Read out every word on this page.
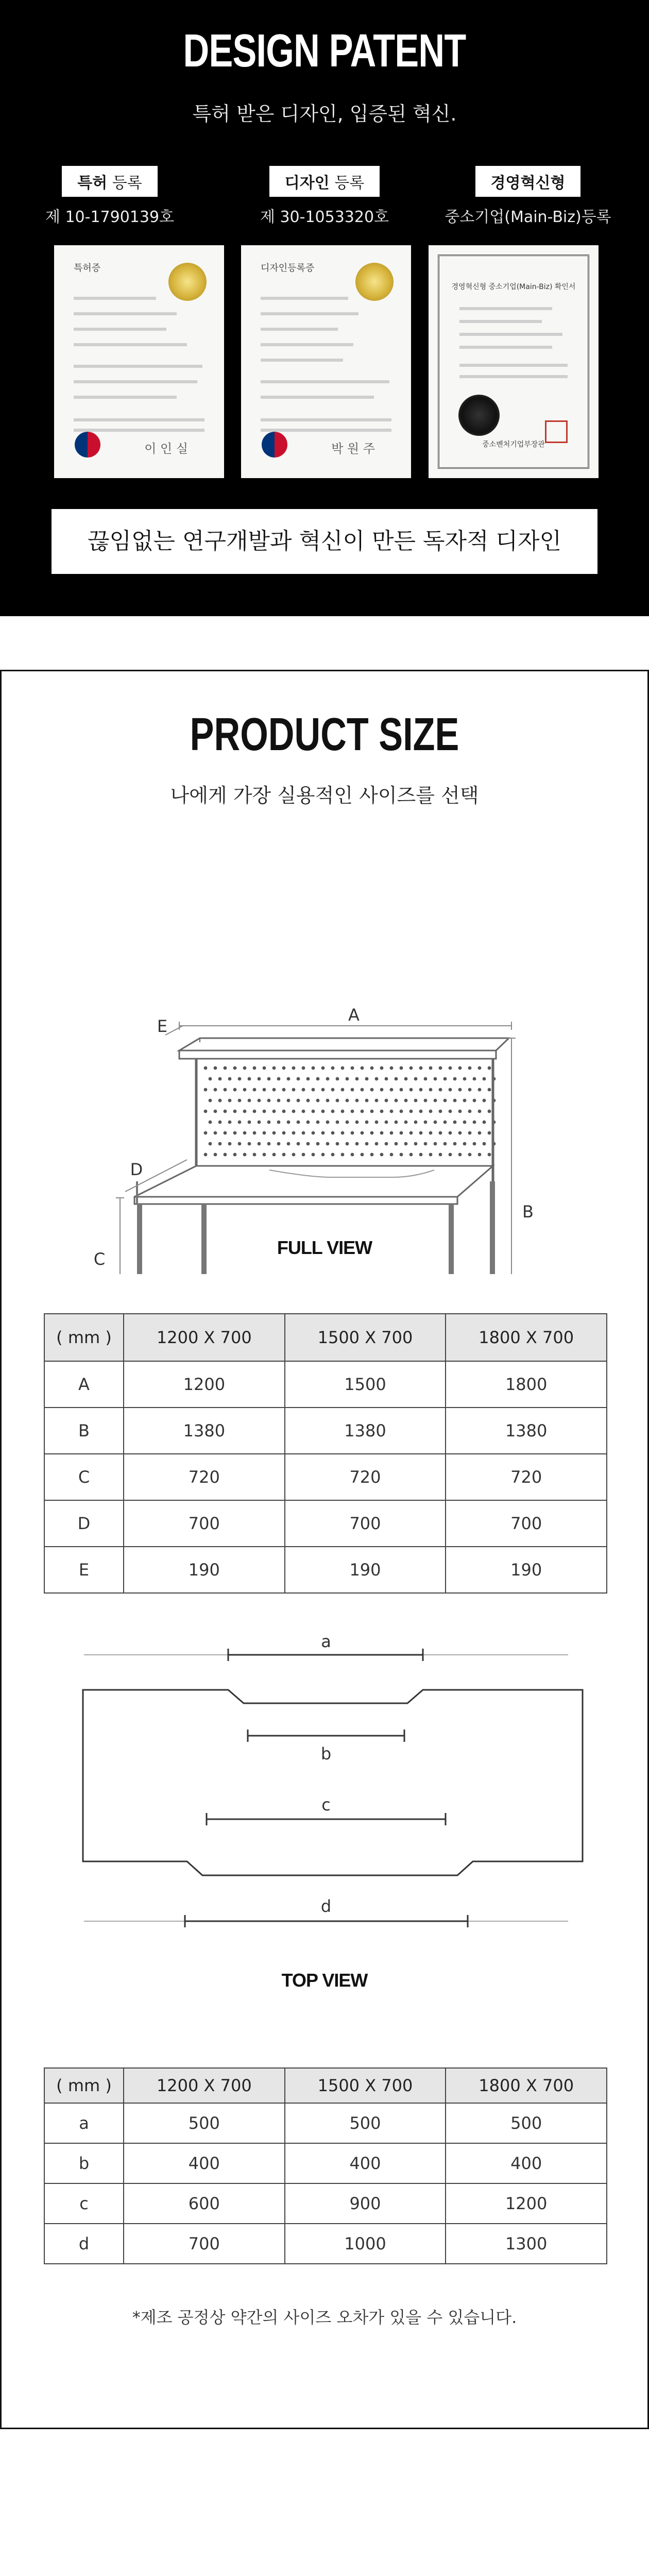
DESIGN PATENT
특허 받은 디자인, 입증된 혁신.
특허 등록
제 10-1790139호
디자인 등록
제 30-1053320호
경영혁신형
중소기업(Main-Biz)등록
특허증
이 인 실
디자인등록증
박 원 주
경영혁신형 중소기업(Main-Biz) 확인서
중소벤처기업부장관
끊임없는 연구개발과 혁신이 만든 독자적 디자인
PRODUCT SIZE
나에게 가장 실용적인 사이즈를 선택
A
B
C
D
E
FULL VIEW
( mm )	1200 X 700	1500 X 700	1800 X 700
A	1200	1500	1800
B	1380	1380	1380
C	720	720	720
D	700	700	700
E	190	190	190
a
b
c
d
TOP VIEW
( mm )	1200 X 700	1500 X 700	1800 X 700
a	500	500	500
b	400	400	400
c	600	900	1200
d	700	1000	1300
*제조 공정상 약간의 사이즈 오차가 있을 수 있습니다.
